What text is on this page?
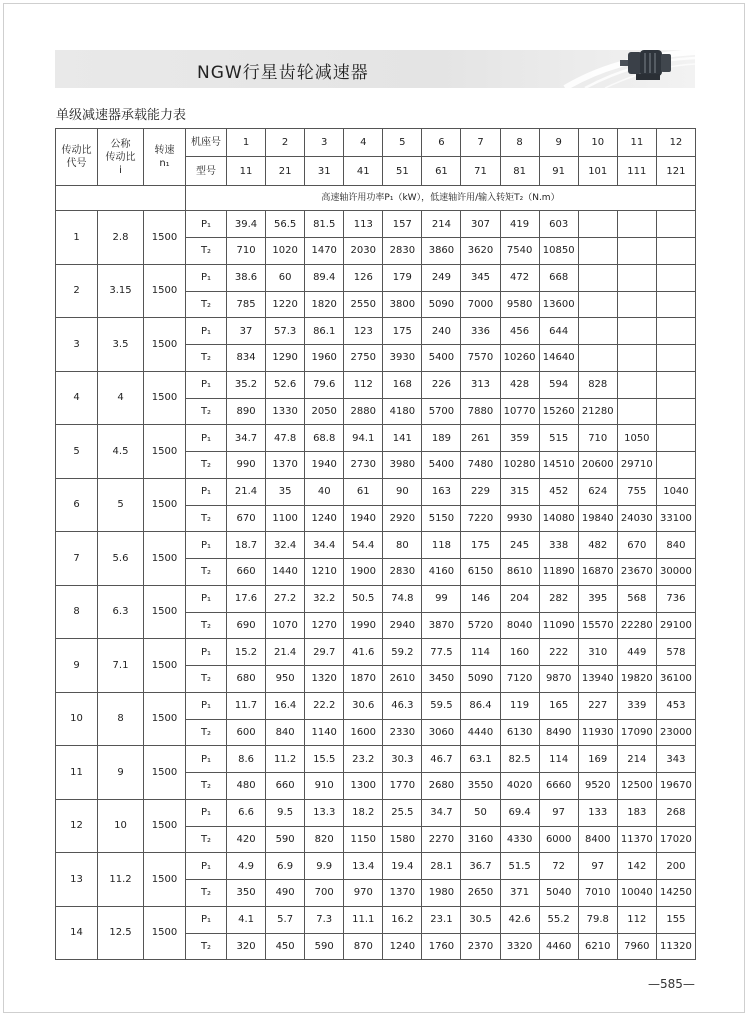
NGW行星齿轮减速器
单级减速器承载能力表
传动比
代号	公称
传动比
i	转速
n₁	机座号	1	2	3	4	5	6	7	8	9	10	11	12
			型号	11	21	31	41	51	61	71	81	91	101	111	121
			高速轴许用功率P₁（kW），低速轴许用/输入转矩T₂（N.m）												
1	2.8	1500	P₁	39.4	56.5	81.5	113	157	214	307	419	603			
			T₂	710	1020	1470	2030	2830	3860	3620	7540	10850			
2	3.15	1500	P₁	38.6	60	89.4	126	179	249	345	472	668			
			T₂	785	1220	1820	2550	3800	5090	7000	9580	13600			
3	3.5	1500	P₁	37	57.3	86.1	123	175	240	336	456	644			
			T₂	834	1290	1960	2750	3930	5400	7570	10260	14640			
4	4	1500	P₁	35.2	52.6	79.6	112	168	226	313	428	594	828		
			T₂	890	1330	2050	2880	4180	5700	7880	10770	15260	21280		
5	4.5	1500	P₁	34.7	47.8	68.8	94.1	141	189	261	359	515	710	1050	
			T₂	990	1370	1940	2730	3980	5400	7480	10280	14510	20600	29710	
6	5	1500	P₁	21.4	35	40	61	90	163	229	315	452	624	755	1040
			T₂	670	1100	1240	1940	2920	5150	7220	9930	14080	19840	24030	33100
7	5.6	1500	P₁	18.7	32.4	34.4	54.4	80	118	175	245	338	482	670	840
			T₂	660	1440	1210	1900	2830	4160	6150	8610	11890	16870	23670	30000
8	6.3	1500	P₁	17.6	27.2	32.2	50.5	74.8	99	146	204	282	395	568	736
			T₂	690	1070	1270	1990	2940	3870	5720	8040	11090	15570	22280	29100
9	7.1	1500	P₁	15.2	21.4	29.7	41.6	59.2	77.5	114	160	222	310	449	578
			T₂	680	950	1320	1870	2610	3450	5090	7120	9870	13940	19820	36100
10	8	1500	P₁	11.7	16.4	22.2	30.6	46.3	59.5	86.4	119	165	227	339	453
			T₂	600	840	1140	1600	2330	3060	4440	6130	8490	11930	17090	23000
11	9	1500	P₁	8.6	11.2	15.5	23.2	30.3	46.7	63.1	82.5	114	169	214	343
			T₂	480	660	910	1300	1770	2680	3550	4020	6660	9520	12500	19670
12	10	1500	P₁	6.6	9.5	13.3	18.2	25.5	34.7	50	69.4	97	133	183	268
			T₂	420	590	820	1150	1580	2270	3160	4330	6000	8400	11370	17020
13	11.2	1500	P₁	4.9	6.9	9.9	13.4	19.4	28.1	36.7	51.5	72	97	142	200
			T₂	350	490	700	970	1370	1980	2650	371	5040	7010	10040	14250
14	12.5	1500	P₁	4.1	5.7	7.3	11.1	16.2	23.1	30.5	42.6	55.2	79.8	112	155
			T₂	320	450	590	870	1240	1760	2370	3320	4460	6210	7960	11320
—585—
